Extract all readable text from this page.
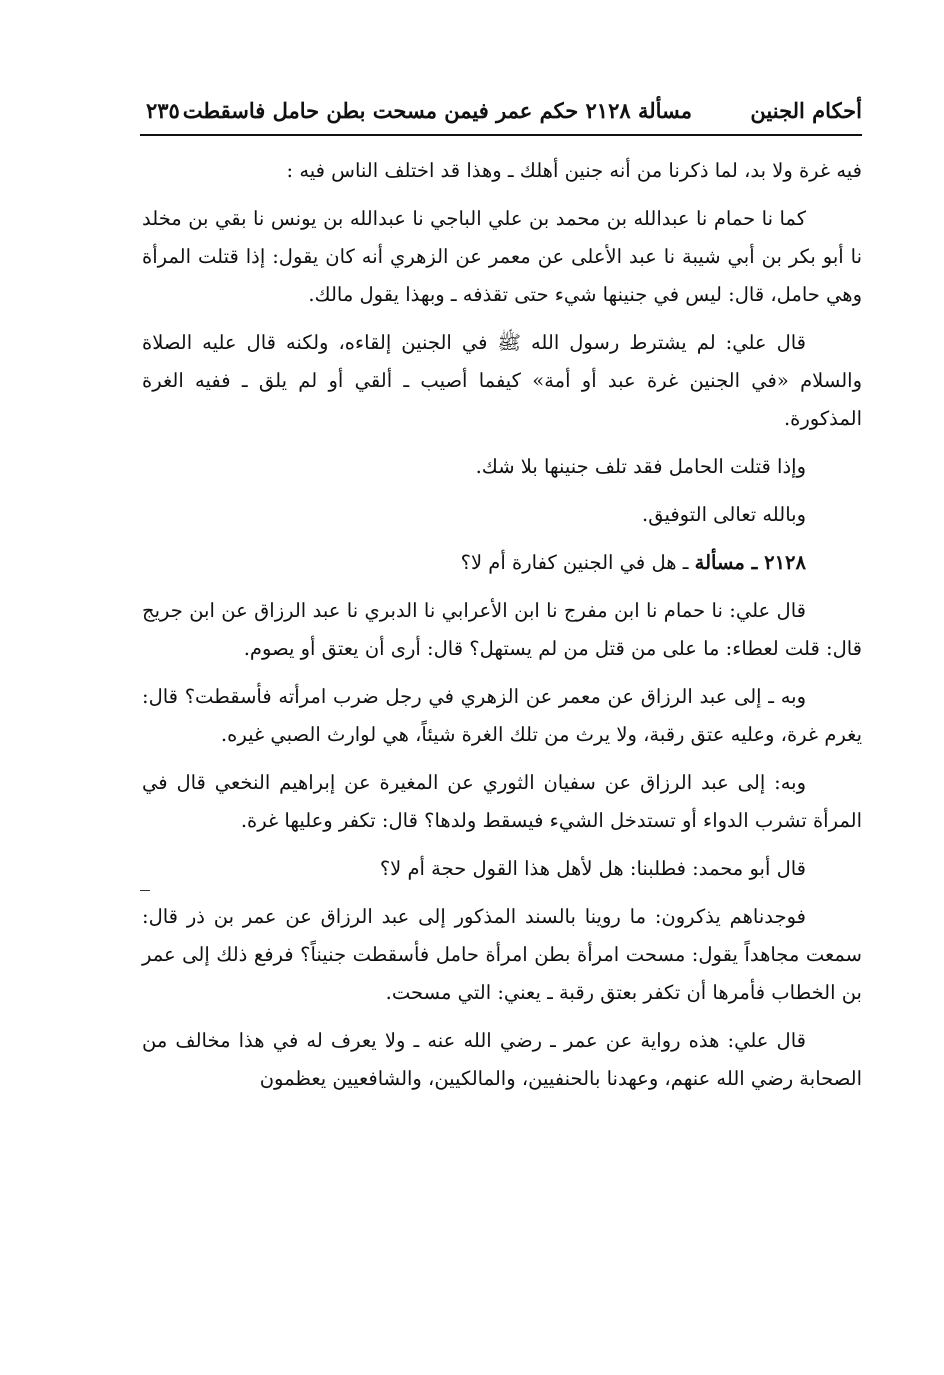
أحكام الجنين
مسألة ٢١٢٨ حكم عمر فيمن مسحت بطن حامل فاسقطت
٢٣٥

فيه غرة ولا بد، لما ذكرنا من أنه جنين أهلك ـ وهذا قد اختلف الناس فيه :

كما نا حمام نا عبدالله بن محمد بن علي الباجي نا عبدالله بن يونس نا بقي بن مخلد نا أبو بكر بن أبي شيبة نا عبد الأعلى عن معمر عن الزهري أنه كان يقول: إذا قتلت المرأة وهي حامل، قال: ليس في جنينها شيء حتى تقذفه ـ وبهذا يقول مالك.

قال علي: لم يشترط رسول الله ﷺ في الجنين إلقاءه، ولكنه قال عليه الصلاة والسلام «في الجنين غرة عبد أو أمة» كيفما أصيب ـ ألقي أو لم يلق ـ ففيه الغرة المذكورة.

وإذا قتلت الحامل فقد تلف جنينها بلا شك.

وبالله تعالى التوفيق.

٢١٢٨ ـ مسألة ـ هل في الجنين كفارة أم لا؟

قال علي: نا حمام نا ابن مفرج نا ابن الأعرابي نا الدبري نا عبد الرزاق عن ابن جريج قال: قلت لعطاء: ما على من قتل من لم يستهل؟ قال: أرى أن يعتق أو يصوم.

وبه ـ إلى عبد الرزاق عن معمر عن الزهري في رجل ضرب امرأته فأسقطت؟ قال: يغرم غرة، وعليه عتق رقبة، ولا يرث من تلك الغرة شيئاً، هي لوارث الصبي غيره.

وبه: إلى عبد الرزاق عن سفيان الثوري عن المغيرة عن إبراهيم النخعي قال في المرأة تشرب الدواء أو تستدخل الشيء فيسقط ولدها؟ قال: تكفر وعليها غرة.

قال أبو محمد: فطلبنا: هل لأهل هذا القول حجة أم لا؟

فوجدناهم يذكرون: ما روينا بالسند المذكور إلى عبد الرزاق عن عمر بن ذر قال: سمعت مجاهداً يقول: مسحت امرأة بطن امرأة حامل فأسقطت جنيناً؟ فرفع ذلك إلى عمر بن الخطاب فأمرها أن تكفر بعتق رقبة ـ يعني: التي مسحت.

قال علي: هذه رواية عن عمر ـ رضي الله عنه ـ ولا يعرف له في هذا مخالف من الصحابة رضي الله عنهم، وعهدنا بالحنفيين، والمالكيين، والشافعيين يعظمون
